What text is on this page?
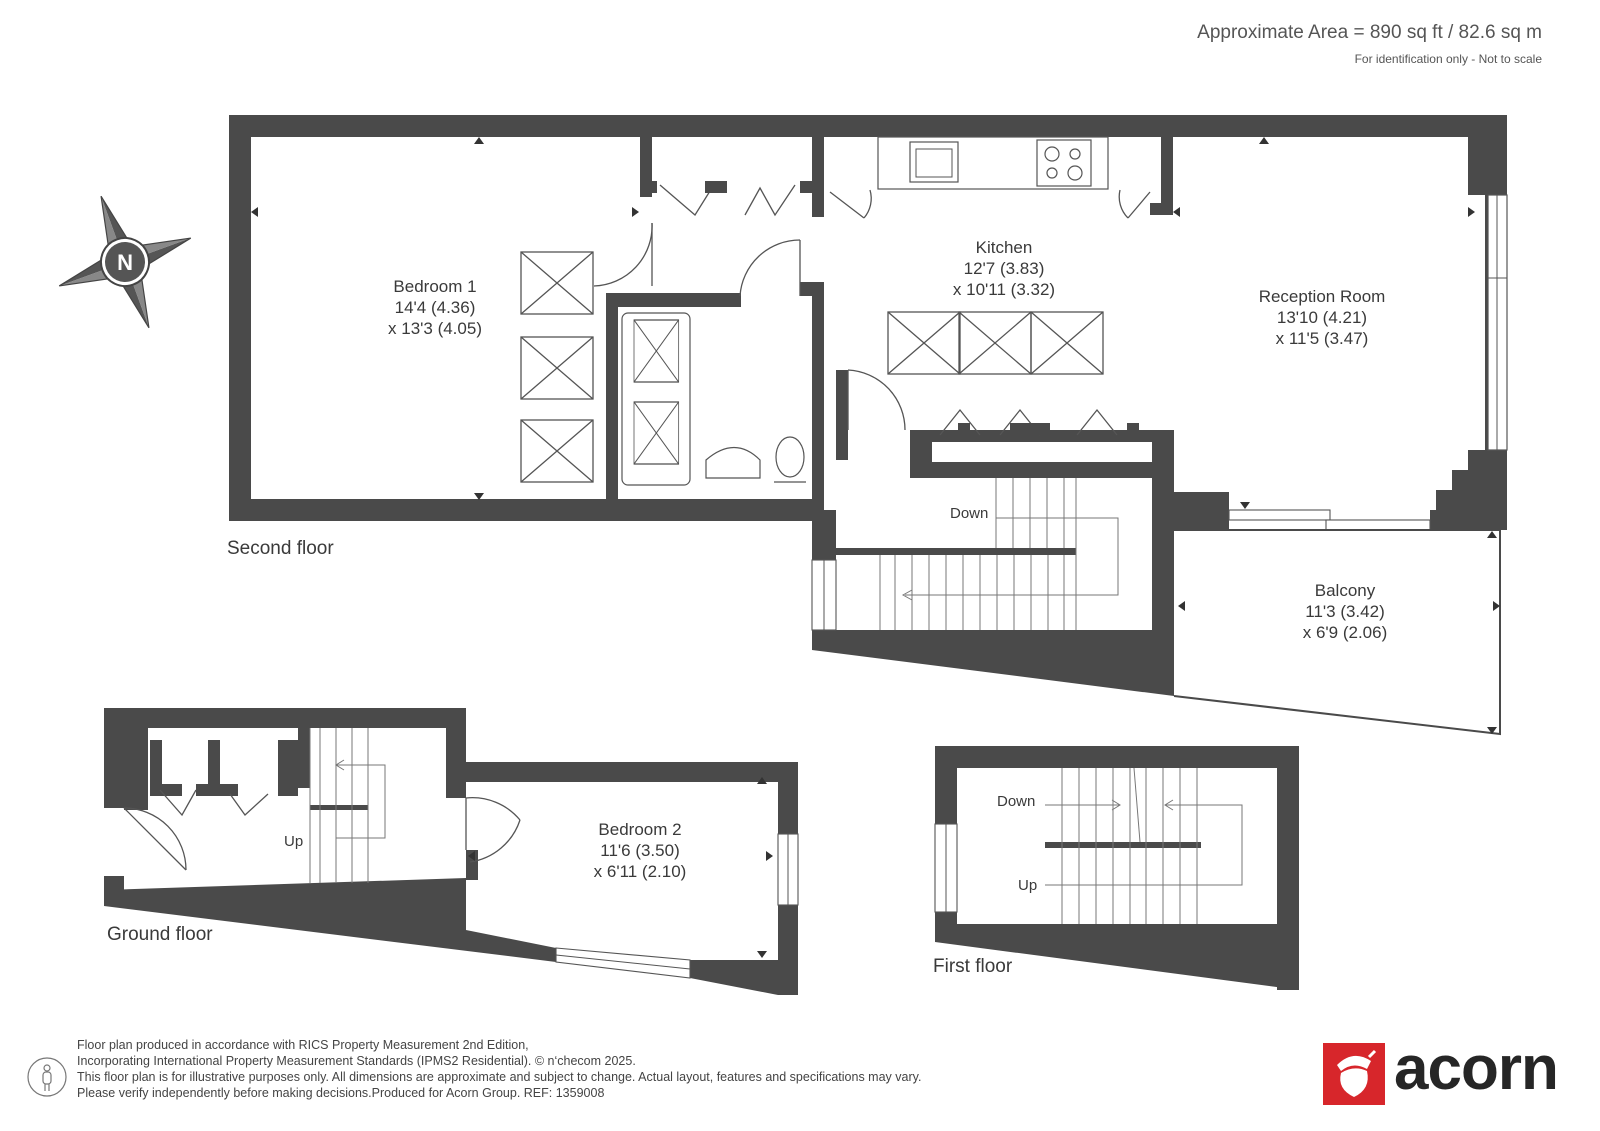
Approximate Area = 890 sq ft / 82.6 sq m
For identification only - Not to scale
Bedroom 1
14'4 (4.36)
x 13'3 (4.05)
Kitchen
12'7 (3.83)
x 10'11 (3.32)	Reception Room
13'10 (4.21)
x 11'5 (3.47)
Balcony
11'3 (3.42)
x 6'9 (2.06)
Down
Second floor
Bedroom 2
11'6 (3.50)
x 6'11 (2.10)
Up
Ground floor
Down
Up
First floor
N
Floor plan produced in accordance with RICS Property Measurement 2nd Edition,
Incorporating International Property Measurement Standards (IPMS2 Residential). © n‘checom 2025.
This floor plan is for illustrative purposes only. All dimensions are approximate and subject to change. Actual layout, features and specifications may vary.
Please verify independently before making decisions.Produced for Acorn Group. REF: 1359008	acorn
